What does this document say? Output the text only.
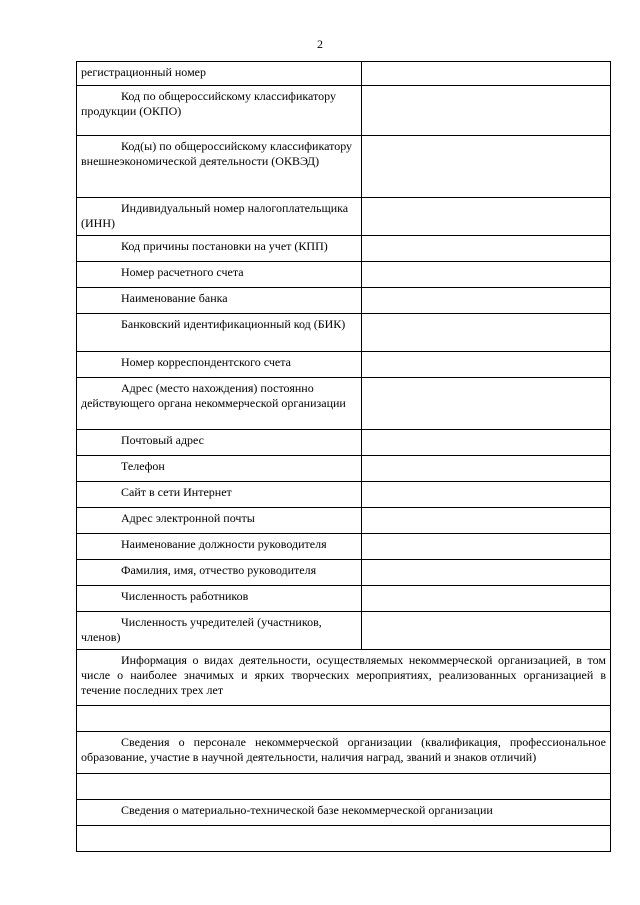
2
регистрационный номер	

Код по общероссийскому классификатору продукции (ОКПО)	

Код(ы) по общероссийскому классификатору внешнеэкономической деятельности (ОКВЭД)	

Индивидуальный номер налогоплательщика (ИНН)	

Код причины постановки на учет (КПП)	

Номер расчетного счета	

Наименование банка	

Банковский идентификационный код (БИК)	

Номер корреспондентского счета	

Адрес (место нахождения) постоянно действующего органа некоммерческой организации	

Почтовый адрес	

Телефон	

Сайт в сети Интернет	

Адрес электронной почты	

Наименование должности руководителя	

Фамилия, имя, отчество руководителя	

Численность работников	

Численность учредителей (участников, членов)	

Информация о видах деятельности, осуществляемых некоммерческой организацией, в том числе о наиболее значимых и ярких творческих мероприятиях, реализованных организацией в течение последних трех лет	

Сведения о персонале некоммерческой организации (квалификация, профессиональное образование, участие в научной деятельности, наличия наград, званий и знаков отличий)	

Сведения о материально-технической базе некоммерческой организации	
